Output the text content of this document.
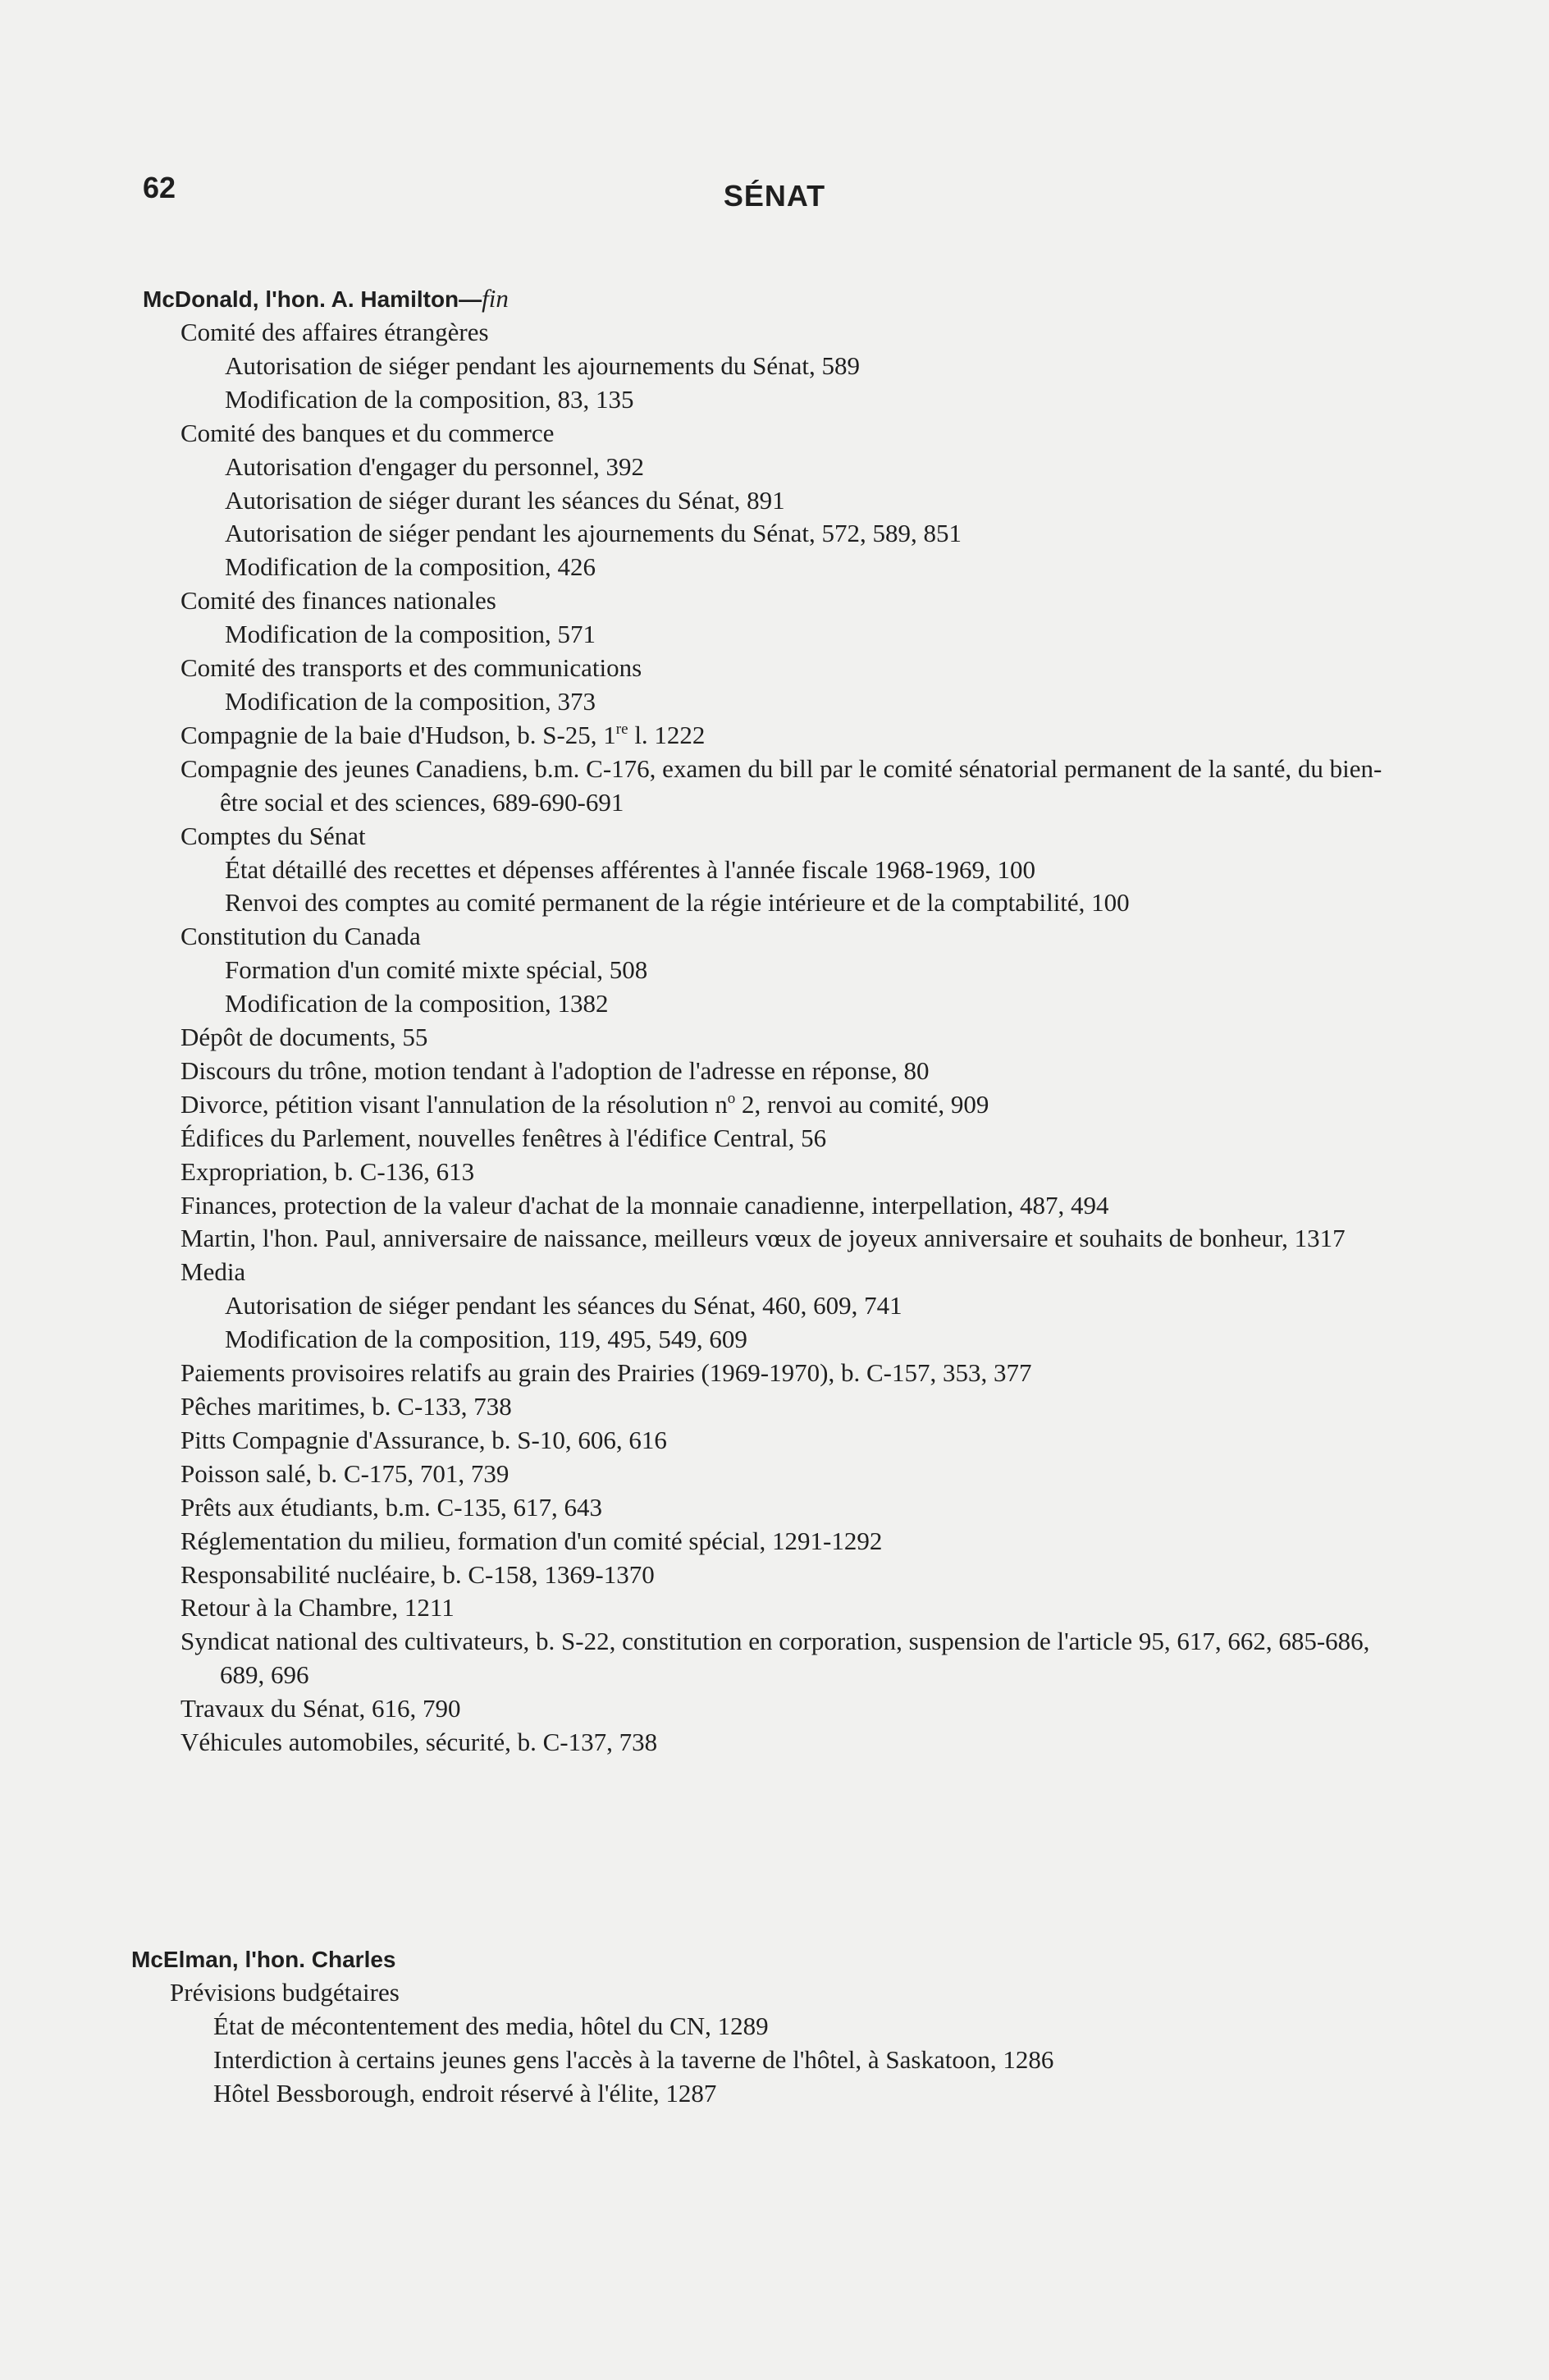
62	SÉNAT
McDonald, l'hon. A. Hamilton—fin
Comité des affaires étrangères
Autorisation de siéger pendant les ajournements du Sénat, 589
Modification de la composition, 83, 135
Comité des banques et du commerce
Autorisation d'engager du personnel, 392
Autorisation de siéger durant les séances du Sénat, 891
Autorisation de siéger pendant les ajournements du Sénat, 572, 589, 851
Modification de la composition, 426
Comité des finances nationales
Modification de la composition, 571
Comité des transports et des communications
Modification de la composition, 373
Compagnie de la baie d'Hudson, b. S-25, 1re l. 1222
Compagnie des jeunes Canadiens, b.m. C-176, examen du bill par le comité sénatorial permanent de la santé, du bien-être social et des sciences, 689-690-691
Comptes du Sénat
État détaillé des recettes et dépenses afférentes à l'année fiscale 1968-1969, 100
Renvoi des comptes au comité permanent de la régie intérieure et de la comptabilité, 100
Constitution du Canada
Formation d'un comité mixte spécial, 508
Modification de la composition, 1382
Dépôt de documents, 55
Discours du trône, motion tendant à l'adoption de l'adresse en réponse, 80
Divorce, pétition visant l'annulation de la résolution $n^o$ 2, renvoi au comité, 909
Édifices du Parlement, nouvelles fenêtres à l'édifice Central, 56
Expropriation, b. C-136, 613
Finances, protection de la valeur d'achat de la monnaie canadienne, interpellation, 487, 494
Martin, l'hon. Paul, anniversaire de naissance, meilleurs vœux de joyeux anniversaire et souhaits de bonheur, 1317
Media
Autorisation de siéger pendant les séances du Sénat, 460, 609, 741
Modification de la composition, 119, 495, 549, 609
Paiements provisoires relatifs au grain des Prairies (1969-1970), b. C-157, 353, 377
Pêches maritimes, b. C-133, 738
Pitts Compagnie d'Assurance, b. S-10, 606, 616
Poisson salé, b. C-175, 701, 739
Prêts aux étudiants, b.m. C-135, 617, 643
Réglementation du milieu, formation d'un comité spécial, 1291-1292
Responsabilité nucléaire, b. C-158, 1369-1370
Retour à la Chambre, 1211
Syndicat national des cultivateurs, b. S-22, constitution en corporation, suspension de l'article 95, 617, 662, 685-686, 689, 696
Travaux du Sénat, 616, 790
Véhicules automobiles, sécurité, b. C-137, 738
McElman, l'hon. Charles
Prévisions budgétaires
État de mécontentement des media, hôtel du CN, 1289
Interdiction à certains jeunes gens l'accès à la taverne de l'hôtel, à Saskatoon, 1286
Hôtel Bessborough, endroit réservé à l'élite, 1287
